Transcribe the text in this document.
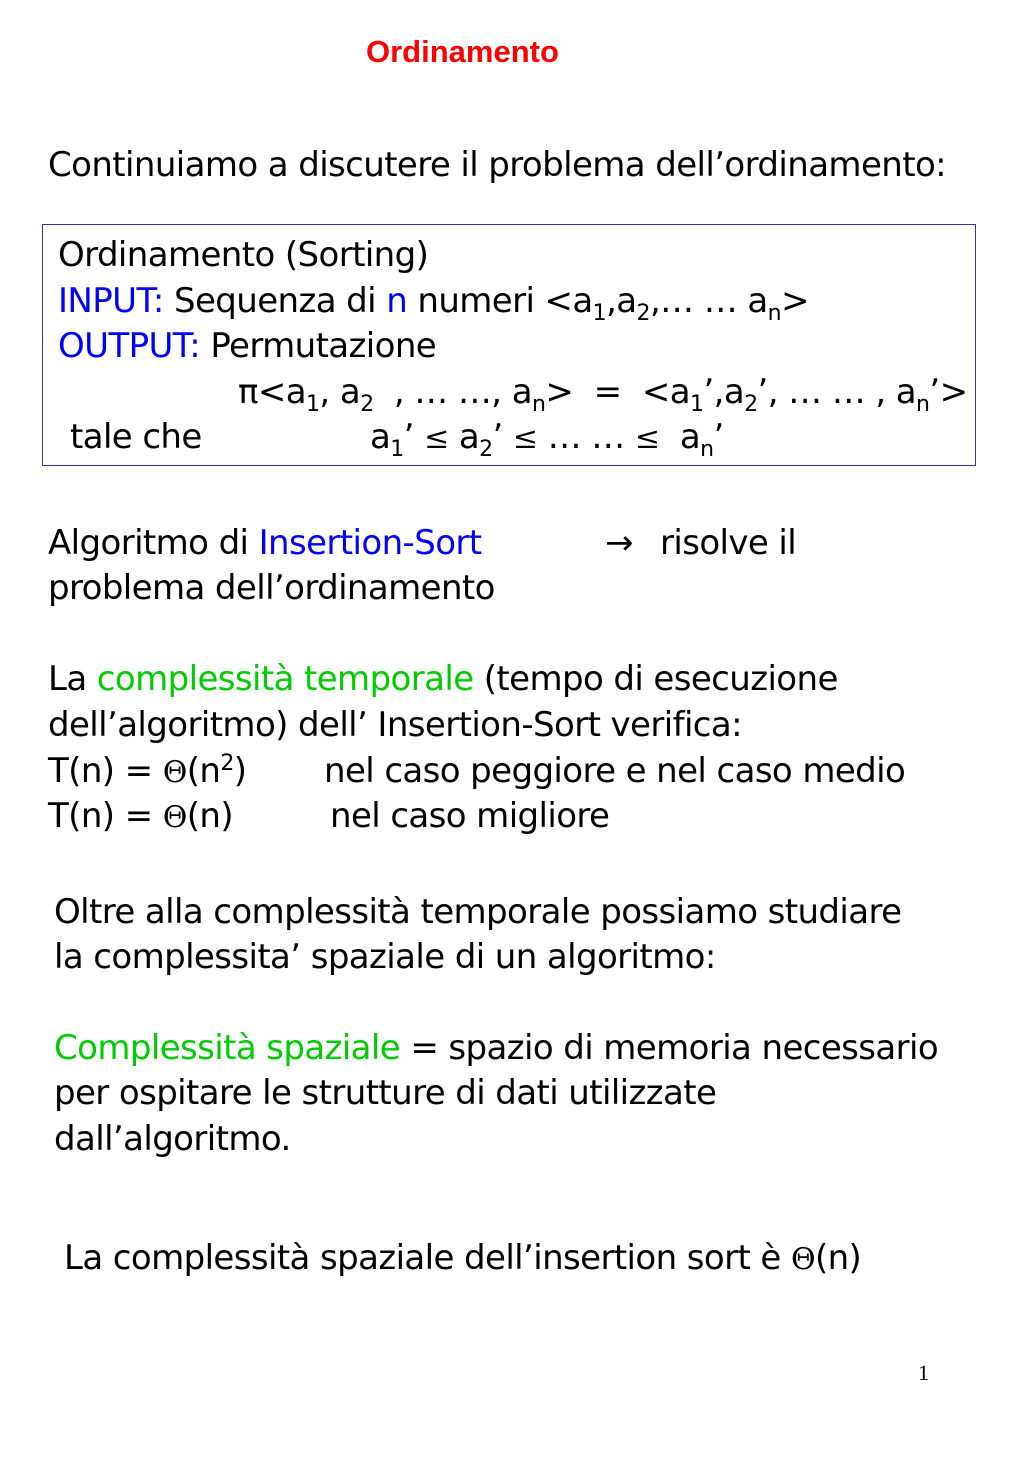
Ordinamento
Continuiamo a discutere il problema dell’ordinamento:
Ordinamento (Sorting)
INPUT: Sequenza di n numeri $<a_1,a_2,\dots$ … $a_n>$
OUTPUT: Permutazione
$\pi<a_1$, $a_2$  , … …, $a_n>$  =  $<a_1’,a_2$’, … … , $a_n’>$
tale che	$a_1$’ ≤ $a_2$’ ≤ … … ≤  $a_n$’
Algoritmo di Insertion-Sort	→ risolve il
problema dell’ordinamento
La complessità temporale (tempo di esecuzione
dell’algoritmo) dell’ Insertion-Sort verifica:
$T(n) = \Theta(n^2)$ nel caso peggiore e nel caso medio
T(n) = Θ(n)	nel caso migliore
Oltre alla complessità temporale possiamo studiare
la complessita’ spaziale di un algoritmo:
Complessità spaziale = spazio di memoria necessario
per ospitare le strutture di dati utilizzate
dall’algoritmo.
La complessità spaziale dell’insertion sort è Θ(n)
1
